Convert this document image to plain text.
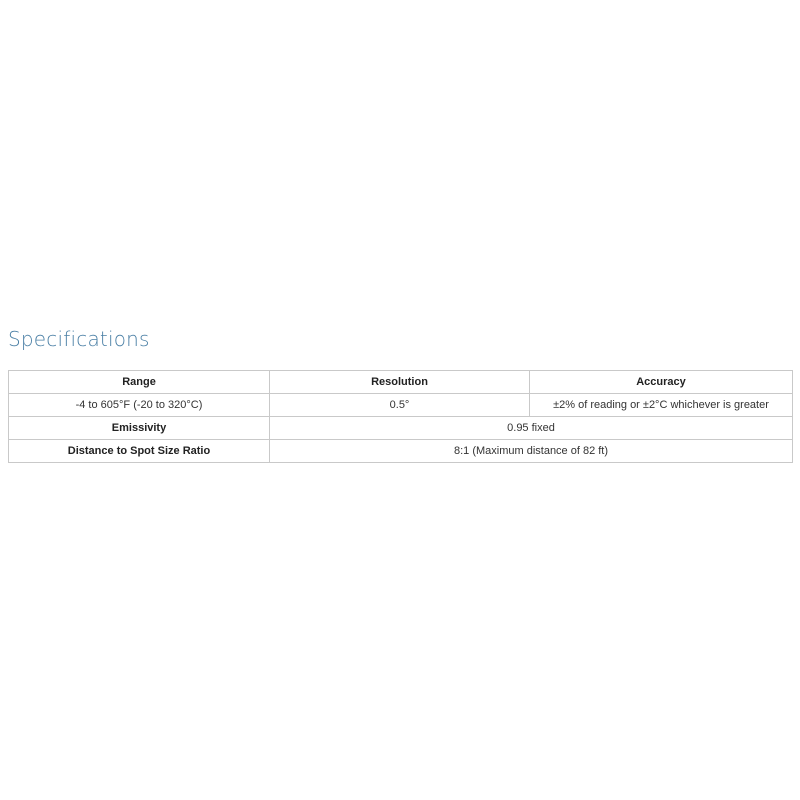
Specifications
Range	Resolution	Accuracy
-4 to 605°F (-20 to 320°C)	0.5°	±2% of reading or ±2°C whichever is greater
Emissivity	0.95 fixed	
Distance to Spot Size Ratio	8:1 (Maximum distance of 82 ft)	
